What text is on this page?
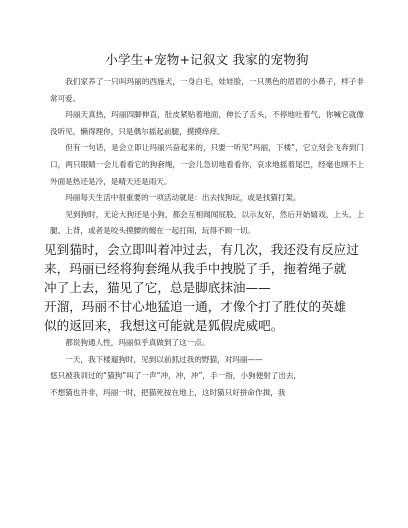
小学生+宠物+记叙文 我家的宠物狗
我们家养了一只叫玛丽的西施犬，一身白毛，娃娃脸，一只黑色的眉眉的小鼻子，样子非常可爱。
玛丽天真热，玛丽四脚伸直，肚皮紧贴着地面，伸长了舌头，不停地吐着气，你喊它就像没听见，懒得理你，只是偶尔摇起前腿，摸摸痒痒。
但有一句话，是会立即让玛丽兴奋起来的，只要一听见“玛丽，下楼”，它立刻会飞奔到门口，两只眼睛一会儿看看它的狗套绳，一会儿急切地看看你，哀求地摇着尾巴，经毫也顾不上外面是热还是冷，是晴天还是雨天。
玛丽每天生活中很重要的一项活动就是：出去找狗玩，或是找猫打架。
见到狗时，无论大狗还是小狗，都会互相闻闻屁股，以示友好，然后开始嬉戏，上头、上腿、上背，或者是咬头摸腰的缠在一起打闹，玩得不顾一切。
见到猫时，会立即叫着冲过去，有几次，我还没有反应过
来，玛丽已经将狗套绳从我手中拽脱了手，拖着绳子就
冲了上去，猫见了它，总是脚底抹油——
开溜，玛丽不甘心地猛追一通，才像个打了胜仗的英雄
似的返回来，我想这可能就是狐假虎威吧。
都说狗通人性，玛丽似乎真做到了这一点。
一天，我下楼遛狗时，见到以前抓过我的野猫，对玛丽——
悠只被我训过的“猫狗”叫了一声“冲，冲，冲”，手一指，小狗便射了出去，
不想猫也并非，玛丽一时，把猫死按在地上，这时猫只好拼命作揖，我
